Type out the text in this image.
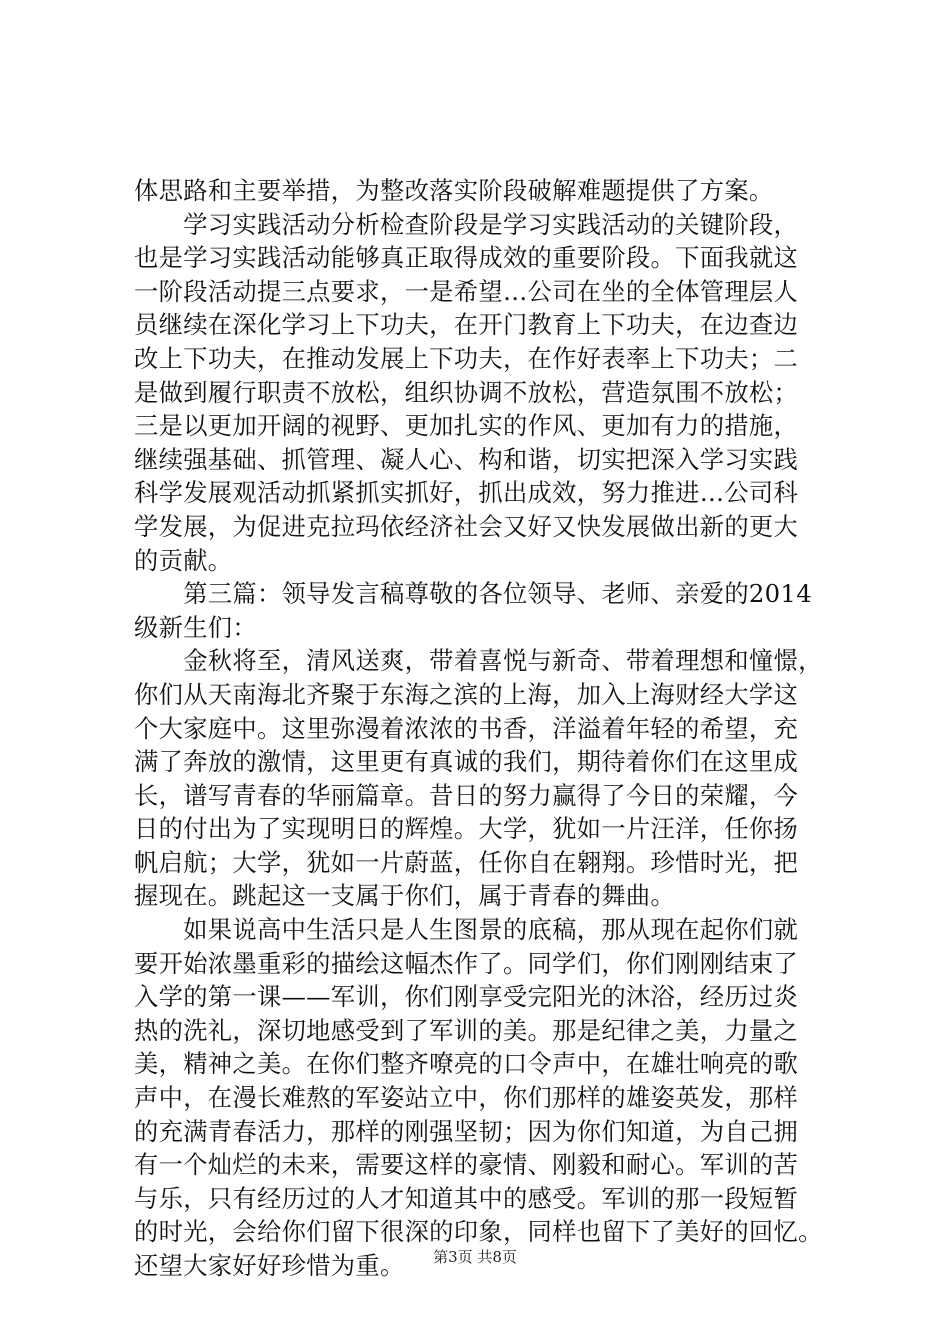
体思路和主要举措，为整改落实阶段破解难题提供了方案。
　　学习实践活动分析检查阶段是学习实践活动的关键阶段，
也是学习实践活动能够真正取得成效的重要阶段。下面我就这
一阶段活动提三点要求，一是希望…公司在坐的全体管理层人
员继续在深化学习上下功夫，在开门教育上下功夫，在边查边
改上下功夫，在推动发展上下功夫，在作好表率上下功夫；二
是做到履行职责不放松，组织协调不放松，营造氛围不放松；
三是以更加开阔的视野、更加扎实的作风、更加有力的措施，
继续强基础、抓管理、凝人心、构和谐，切实把深入学习实践
科学发展观活动抓紧抓实抓好，抓出成效，努力推进…公司科
学发展，为促进克拉玛依经济社会又好又快发展做出新的更大
的贡献。
　　第三篇：领导发言稿尊敬的各位领导、老师、亲爱的2014
级新生们：
　　金秋将至，清风送爽，带着喜悦与新奇、带着理想和憧憬，
你们从天南海北齐聚于东海之滨的上海，加入上海财经大学这
个大家庭中。这里弥漫着浓浓的书香，洋溢着年轻的希望，充
满了奔放的激情，这里更有真诚的我们，期待着你们在这里成
长，谱写青春的华丽篇章。昔日的努力赢得了今日的荣耀，今
日的付出为了实现明日的辉煌。大学，犹如一片汪洋，任你扬
帆启航；大学，犹如一片蔚蓝，任你自在翱翔。珍惜时光，把
握现在。跳起这一支属于你们，属于青春的舞曲。
　　如果说高中生活只是人生图景的底稿，那从现在起你们就
要开始浓墨重彩的描绘这幅杰作了。同学们，你们刚刚结束了
入学的第一课——军训，你们刚享受完阳光的沐浴，经历过炎
热的洗礼，深切地感受到了军训的美。那是纪律之美，力量之
美，精神之美。在你们整齐嘹亮的口令声中，在雄壮响亮的歌
声中，在漫长难熬的军姿站立中，你们那样的雄姿英发，那样
的充满青春活力，那样的刚强坚韧；因为你们知道，为自己拥
有一个灿烂的未来，需要这样的豪情、刚毅和耐心。军训的苦
与乐，只有经历过的人才知道其中的感受。军训的那一段短暂
的时光，会给你们留下很深的印象，同样也留下了美好的回忆。
还望大家好好珍惜为重。	第3页 共8页
